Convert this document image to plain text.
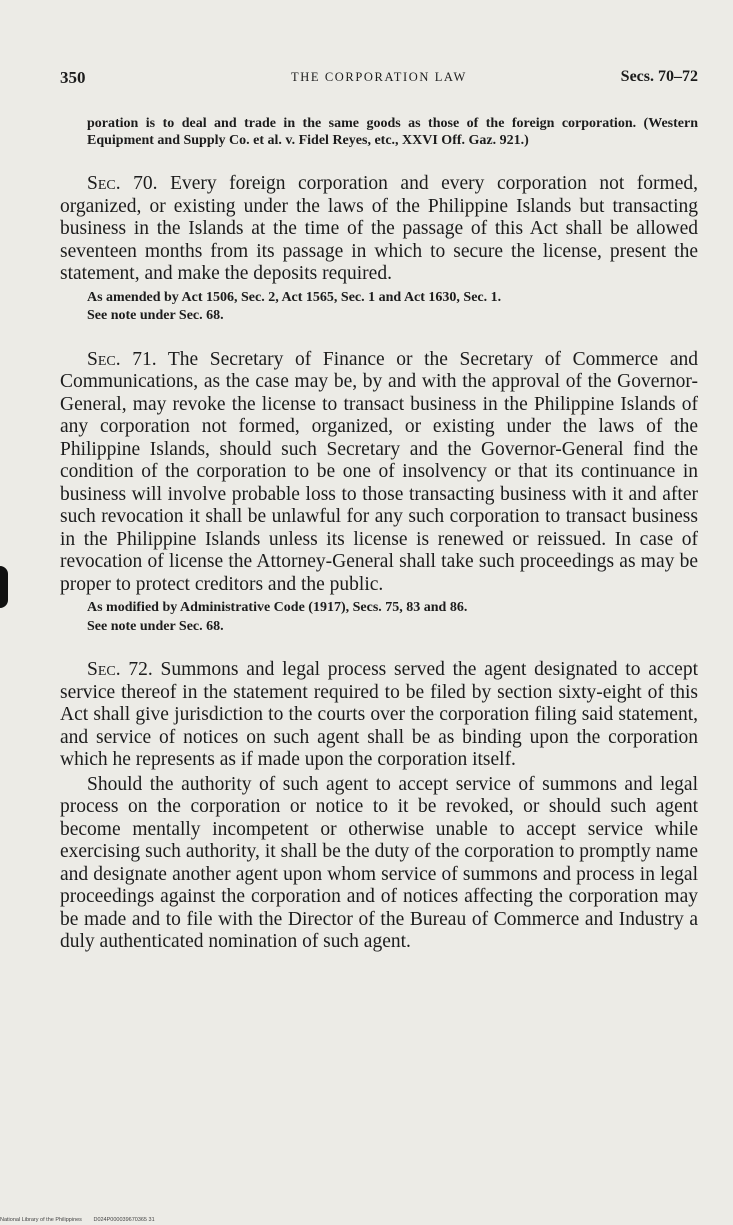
350	THE CORPORATION LAW	Secs. 70–72

poration is to deal and trade in the same goods as those of the foreign corporation. (Western Equipment and Supply Co. et al. v. Fidel Reyes, etc., XXVI Off. Gaz. 921.)

Sec. 70. Every foreign corporation and every corporation not formed, organized, or existing under the laws of the Philippine Islands but transacting business in the Islands at the time of the passage of this Act shall be allowed seventeen months from its passage in which to secure the license, present the statement, and make the deposits required.

As amended by Act 1506, Sec. 2, Act 1565, Sec. 1 and Act 1630, Sec. 1.

See note under Sec. 68.

Sec. 71. The Secretary of Finance or the Secretary of Commerce and Communications, as the case may be, by and with the approval of the Governor-General, may revoke the license to transact business in the Philippine Islands of any corporation not formed, organized, or existing under the laws of the Philippine Islands, should such Secretary and the Governor-General find the condition of the corporation to be one of insolvency or that its continuance in business will involve probable loss to those transacting business with it and after such revocation it shall be unlawful for any such corporation to transact business in the Philippine Islands unless its license is renewed or reissued. In case of revocation of license the Attorney-General shall take such proceedings as may be proper to protect creditors and the public.

As modified by Administrative Code (1917), Secs. 75, 83 and 86.

See note under Sec. 68.

Sec. 72. Summons and legal process served the agent designated to accept service thereof in the statement required to be filed by section sixty-eight of this Act shall give jurisdiction to the courts over the corporation filing said statement, and service of notices on such agent shall be as binding upon the corporation which he represents as if made upon the corporation itself.

Should the authority of such agent to accept service of summons and legal process on the corporation or notice to it be revoked, or should such agent become mentally incompetent or otherwise unable to accept service while exercising such authority, it shall be the duty of the corporation to promptly name and designate another agent upon whom service of summons and process in legal proceedings against the corporation and of notices affecting the corporation may be made and to file with the Director of the Bureau of Commerce and Industry a duly authenticated nomination of such agent.

National Library of the Philippines D024P000039670365 31
